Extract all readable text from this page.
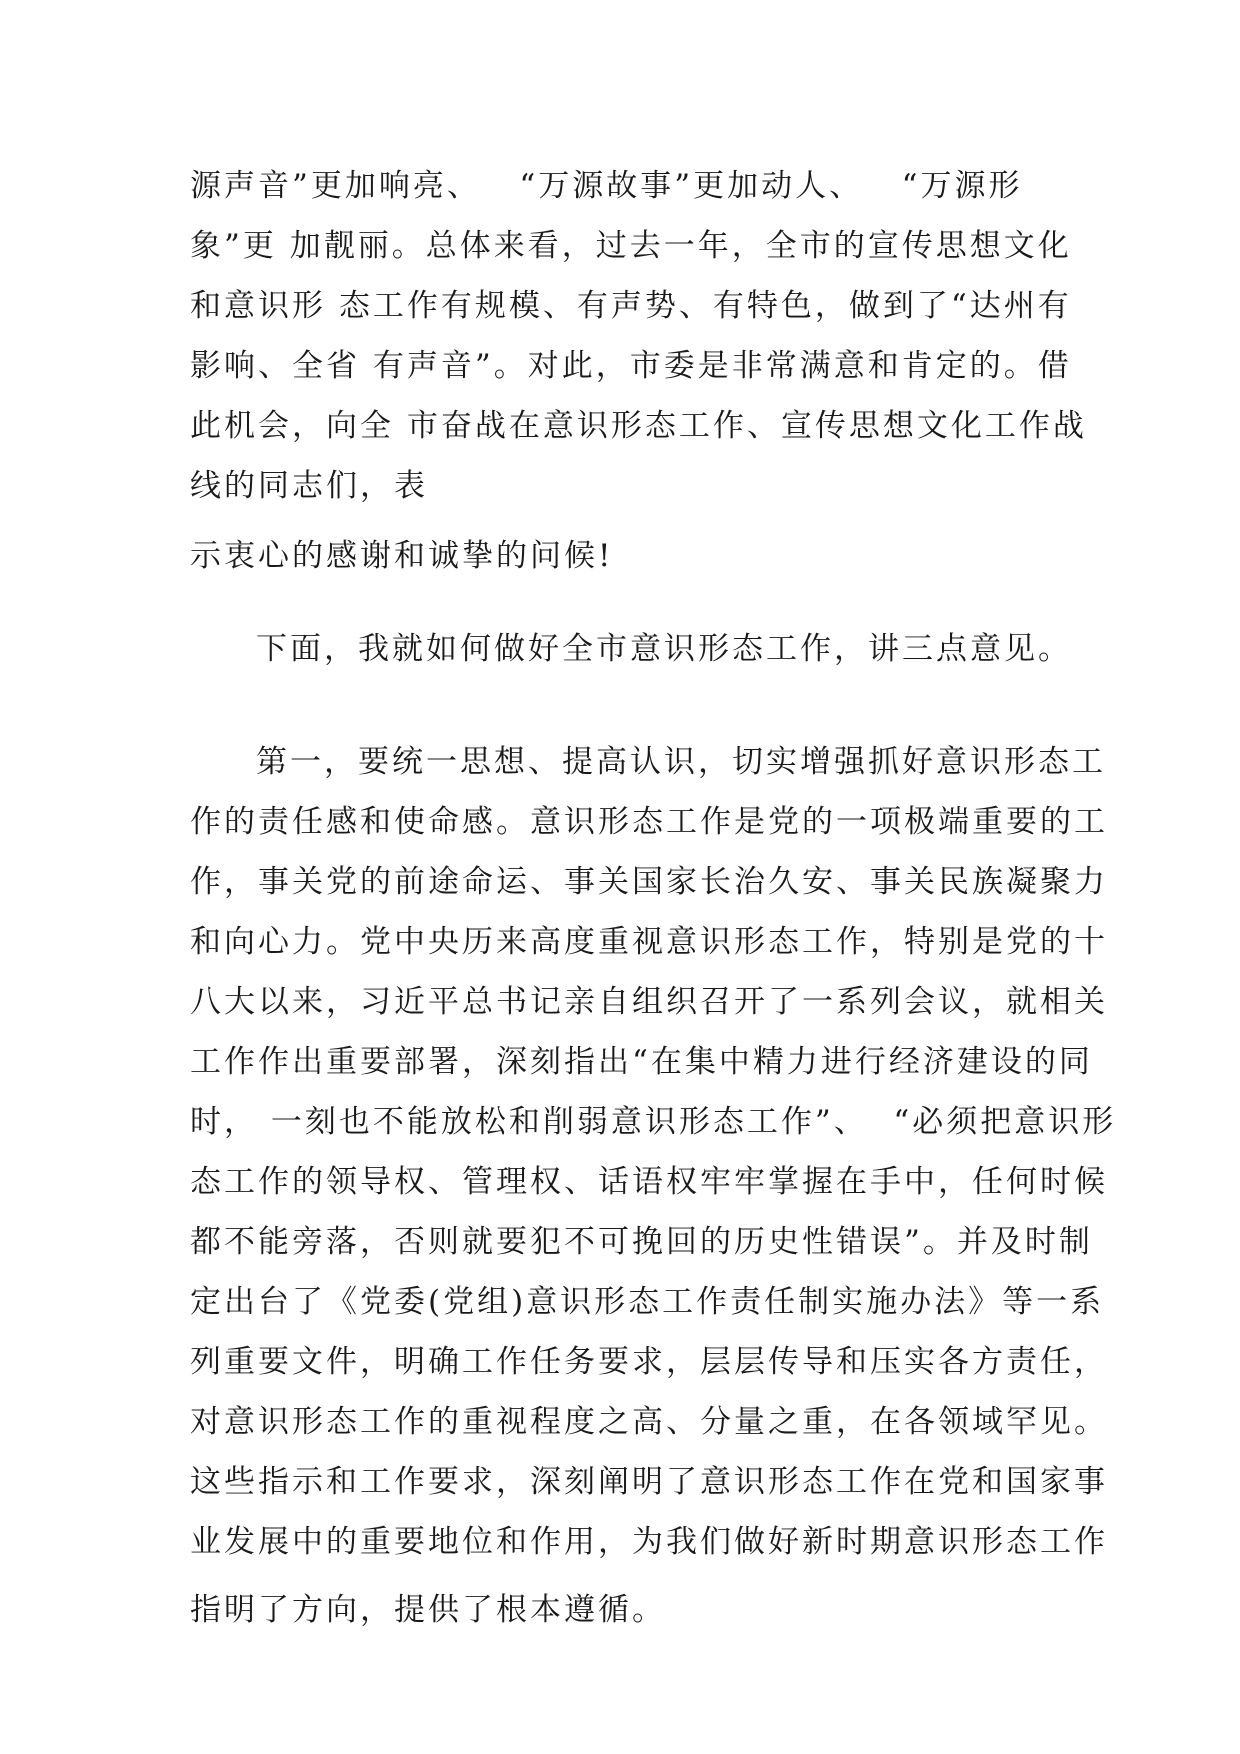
源声音”更加响亮、   “万源故事”更加动人、   “万源形
象”更 加靓丽。总体来看，过去一年，全市的宣传思想文化
和意识形 态工作有规模、有声势、有特色，做到了“达州有
影响、全省 有声音”。对此，市委是非常满意和肯定的。借
此机会，向全 市奋战在意识形态工作、宣传思想文化工作战
线的同志们，表
示衷心的感谢和诚挚的问候!
下面，我就如何做好全市意识形态工作，讲三点意见。
第一，要统一思想、提高认识，切实增强抓好意识形态工
作的责任感和使命感。意识形态工作是党的一项极端重要的工
作，事关党的前途命运、事关国家长治久安、事关民族凝聚力
和向心力。党中央历来高度重视意识形态工作，特别是党的十
八大以来，习近平总书记亲自组织召开了一系列会议，就相关
工作作出重要部署，深刻指出“在集中精力进行经济建设的同
时， 一刻也不能放松和削弱意识形态工作”、  “必须把意识形
态工作的领导权、管理权、话语权牢牢掌握在手中，任何时候
都不能旁落，否则就要犯不可挽回的历史性错误”。并及时制
定出台了《党委(党组)意识形态工作责任制实施办法》等一系
列重要文件，明确工作任务要求，层层传导和压实各方责任，
对意识形态工作的重视程度之高、分量之重，在各领域罕见。
这些指示和工作要求，深刻阐明了意识形态工作在党和国家事
业发展中的重要地位和作用，为我们做好新时期意识形态工作
指明了方向，提供了根本遵循。
